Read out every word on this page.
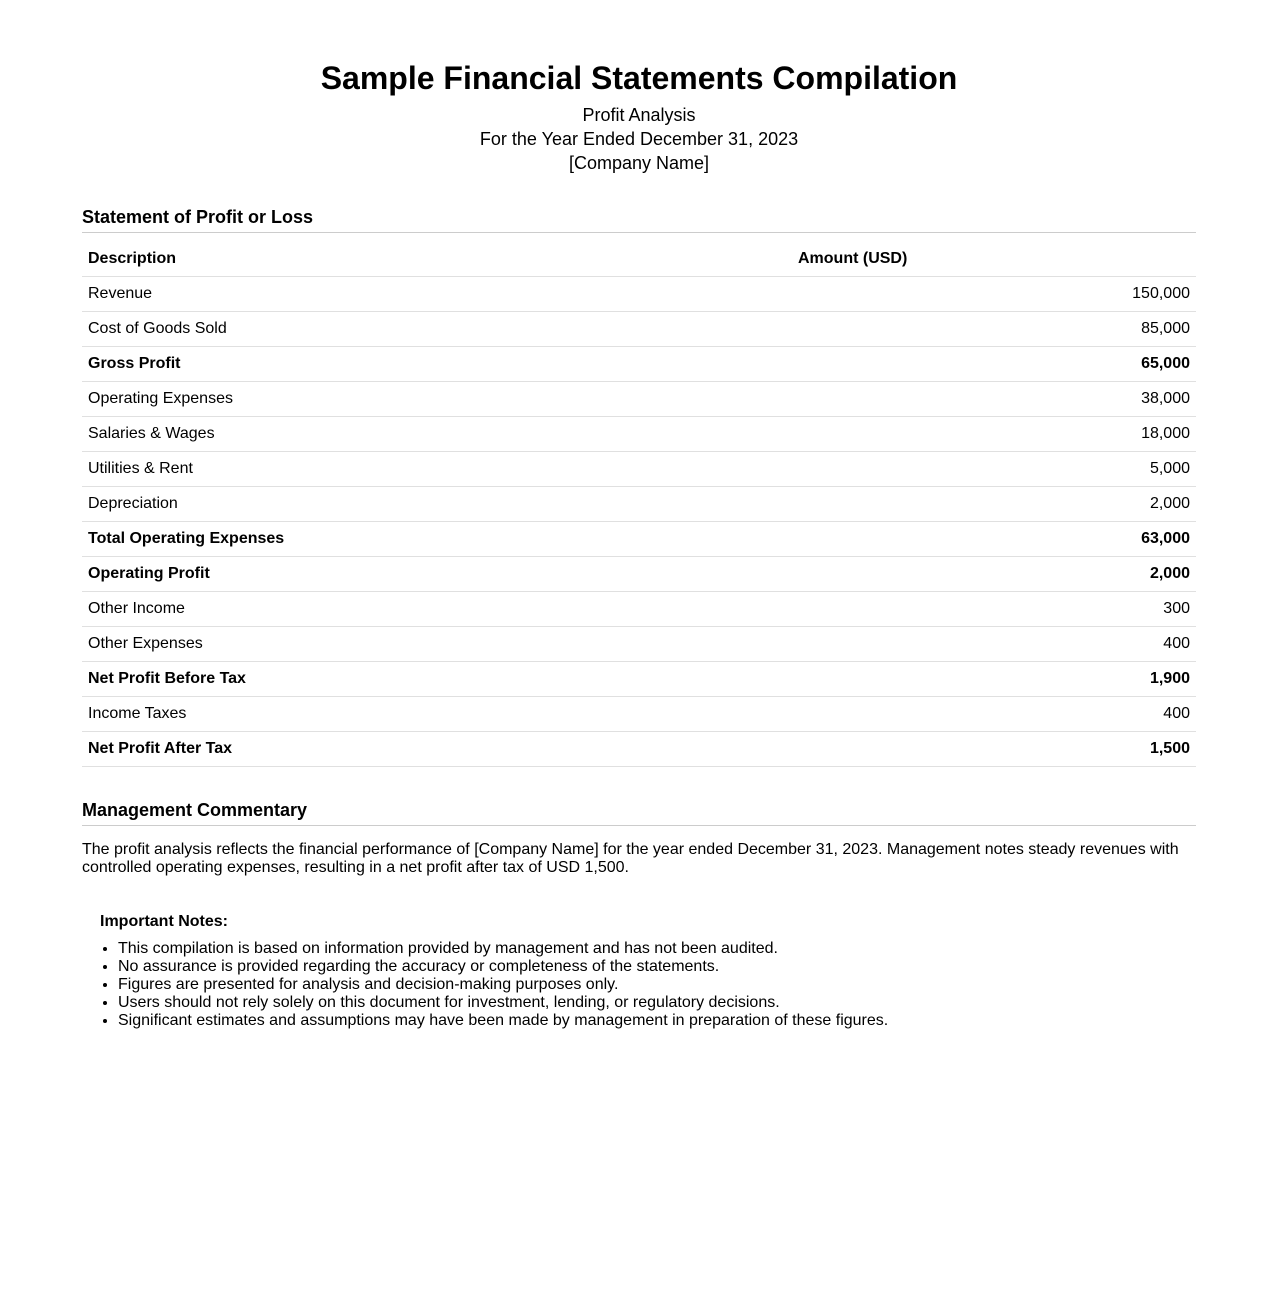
Sample Financial Statements Compilation
Profit Analysis
For the Year Ended December 31, 2023
[Company Name]
Statement of Profit or Loss
Description	Amount (USD)
Revenue	150,000
Cost of Goods Sold	85,000
Gross Profit	65,000
Operating Expenses	38,000
Salaries & Wages	18,000
Utilities & Rent	5,000
Depreciation	2,000
Total Operating Expenses	63,000
Operating Profit	2,000
Other Income	300
Other Expenses	400
Net Profit Before Tax	1,900
Income Taxes	400
Net Profit After Tax	1,500
Management Commentary

The profit analysis reflects the financial performance of [Company Name] for the year ended December 31, 2023. Management notes steady revenues with controlled operating expenses, resulting in a net profit after tax of USD 1,500.

Important Notes:
• This compilation is based on information provided by management and has not been audited.
• No assurance is provided regarding the accuracy or completeness of the statements.
• Figures are presented for analysis and decision-making purposes only.
• Users should not rely solely on this document for investment, lending, or regulatory decisions.
• Significant estimates and assumptions may have been made by management in preparation of these figures.
